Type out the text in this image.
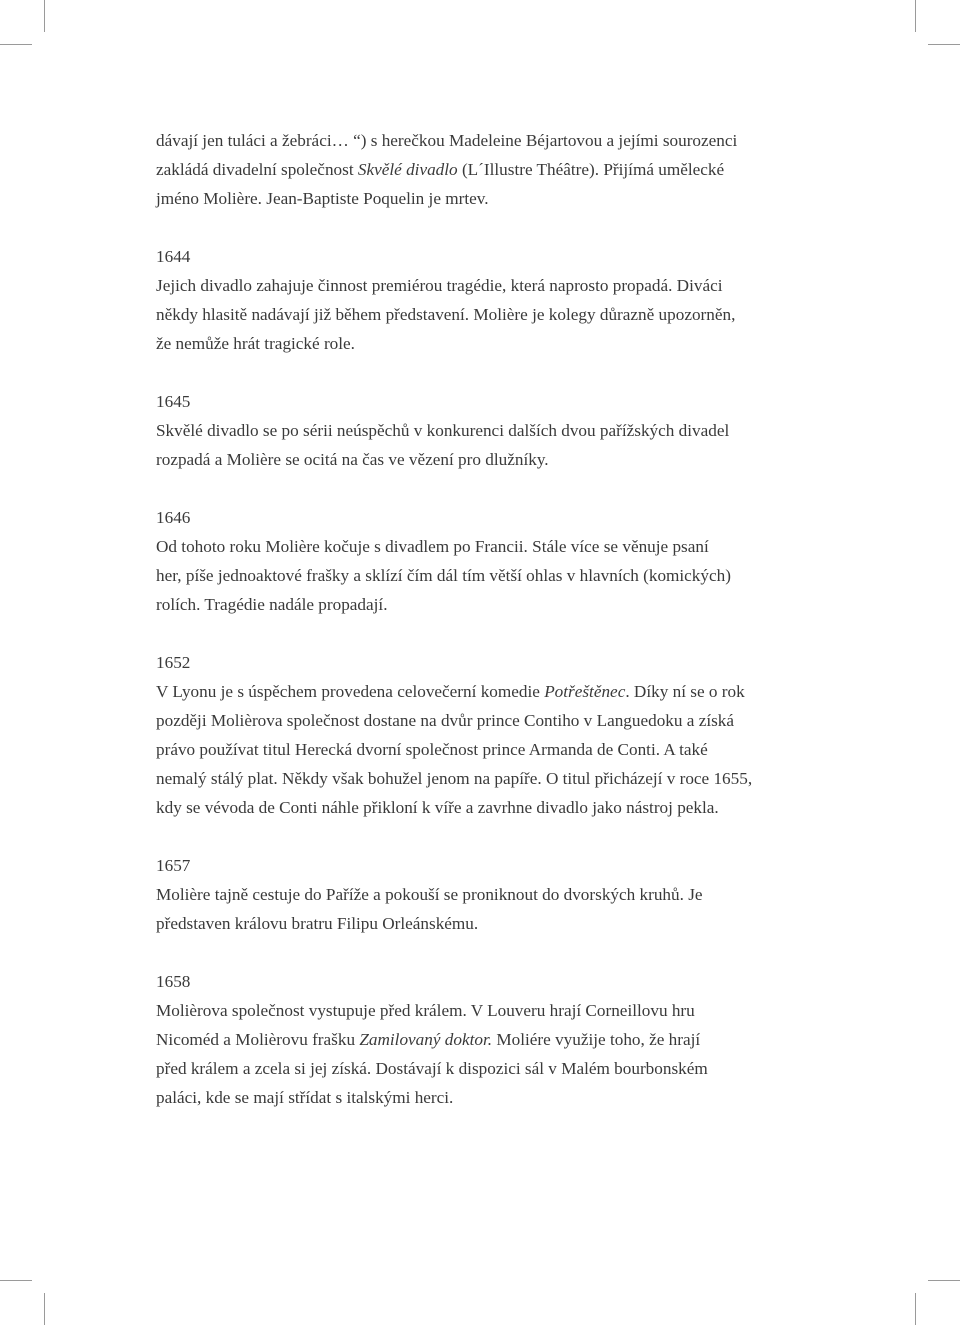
dávají jen tuláci a žebráci… “) s herečkou Madeleine Béjartovou a jejími sourozenci
zakládá divadelní společnost Skvělé divadlo (L´Illustre Théâtre). Přijímá umělecké
jméno Molière. Jean-Baptiste Poquelin je mrtev.
1644
Jejich divadlo zahajuje činnost premiérou tragédie, která naprosto propadá. Diváci
někdy hlasitě nadávají již během představení. Molière je kolegy důrazně upozorněn,
že nemůže hrát tragické role.
1645
Skvělé divadlo se po sérii neúspěchů v konkurenci dalších dvou pařížských divadel
rozpadá a Molière se ocitá na čas ve vězení pro dlužníky.
1646
Od tohoto roku Molière kočuje s divadlem po Francii. Stále více se věnuje psaní
her, píše jednoaktové frašky a sklízí čím dál tím větší ohlas v hlavních (komických)
rolích. Tragédie nadále propadají.
1652
V Lyonu je s úspěchem provedena celovečerní komedie Potřeštěnec. Díky ní se o rok
později Molièrova společnost dostane na dvůr prince Contiho v Languedoku a získá
právo používat titul Herecká dvorní společnost prince Armanda de Conti. A také
nemalý stálý plat. Někdy však bohužel jenom na papíře. O titul přicházejí v roce 1655,
kdy se vévoda de Conti náhle přikloní k víře a zavrhne divadlo jako nástroj pekla.
1657
Molière tajně cestuje do Paříže a pokouší se proniknout do dvorských kruhů. Je
představen královu bratru Filipu Orleánskému.
1658
Molièrova společnost vystupuje před králem. V Louveru hrají Corneillovu hru
Nicoméd a Molièrovu frašku Zamilovaný doktor. Moliére využije toho, že hrají
před králem a zcela si jej získá. Dostávají k dispozici sál v Malém bourbonském
paláci, kde se mají střídat s italskými herci.
